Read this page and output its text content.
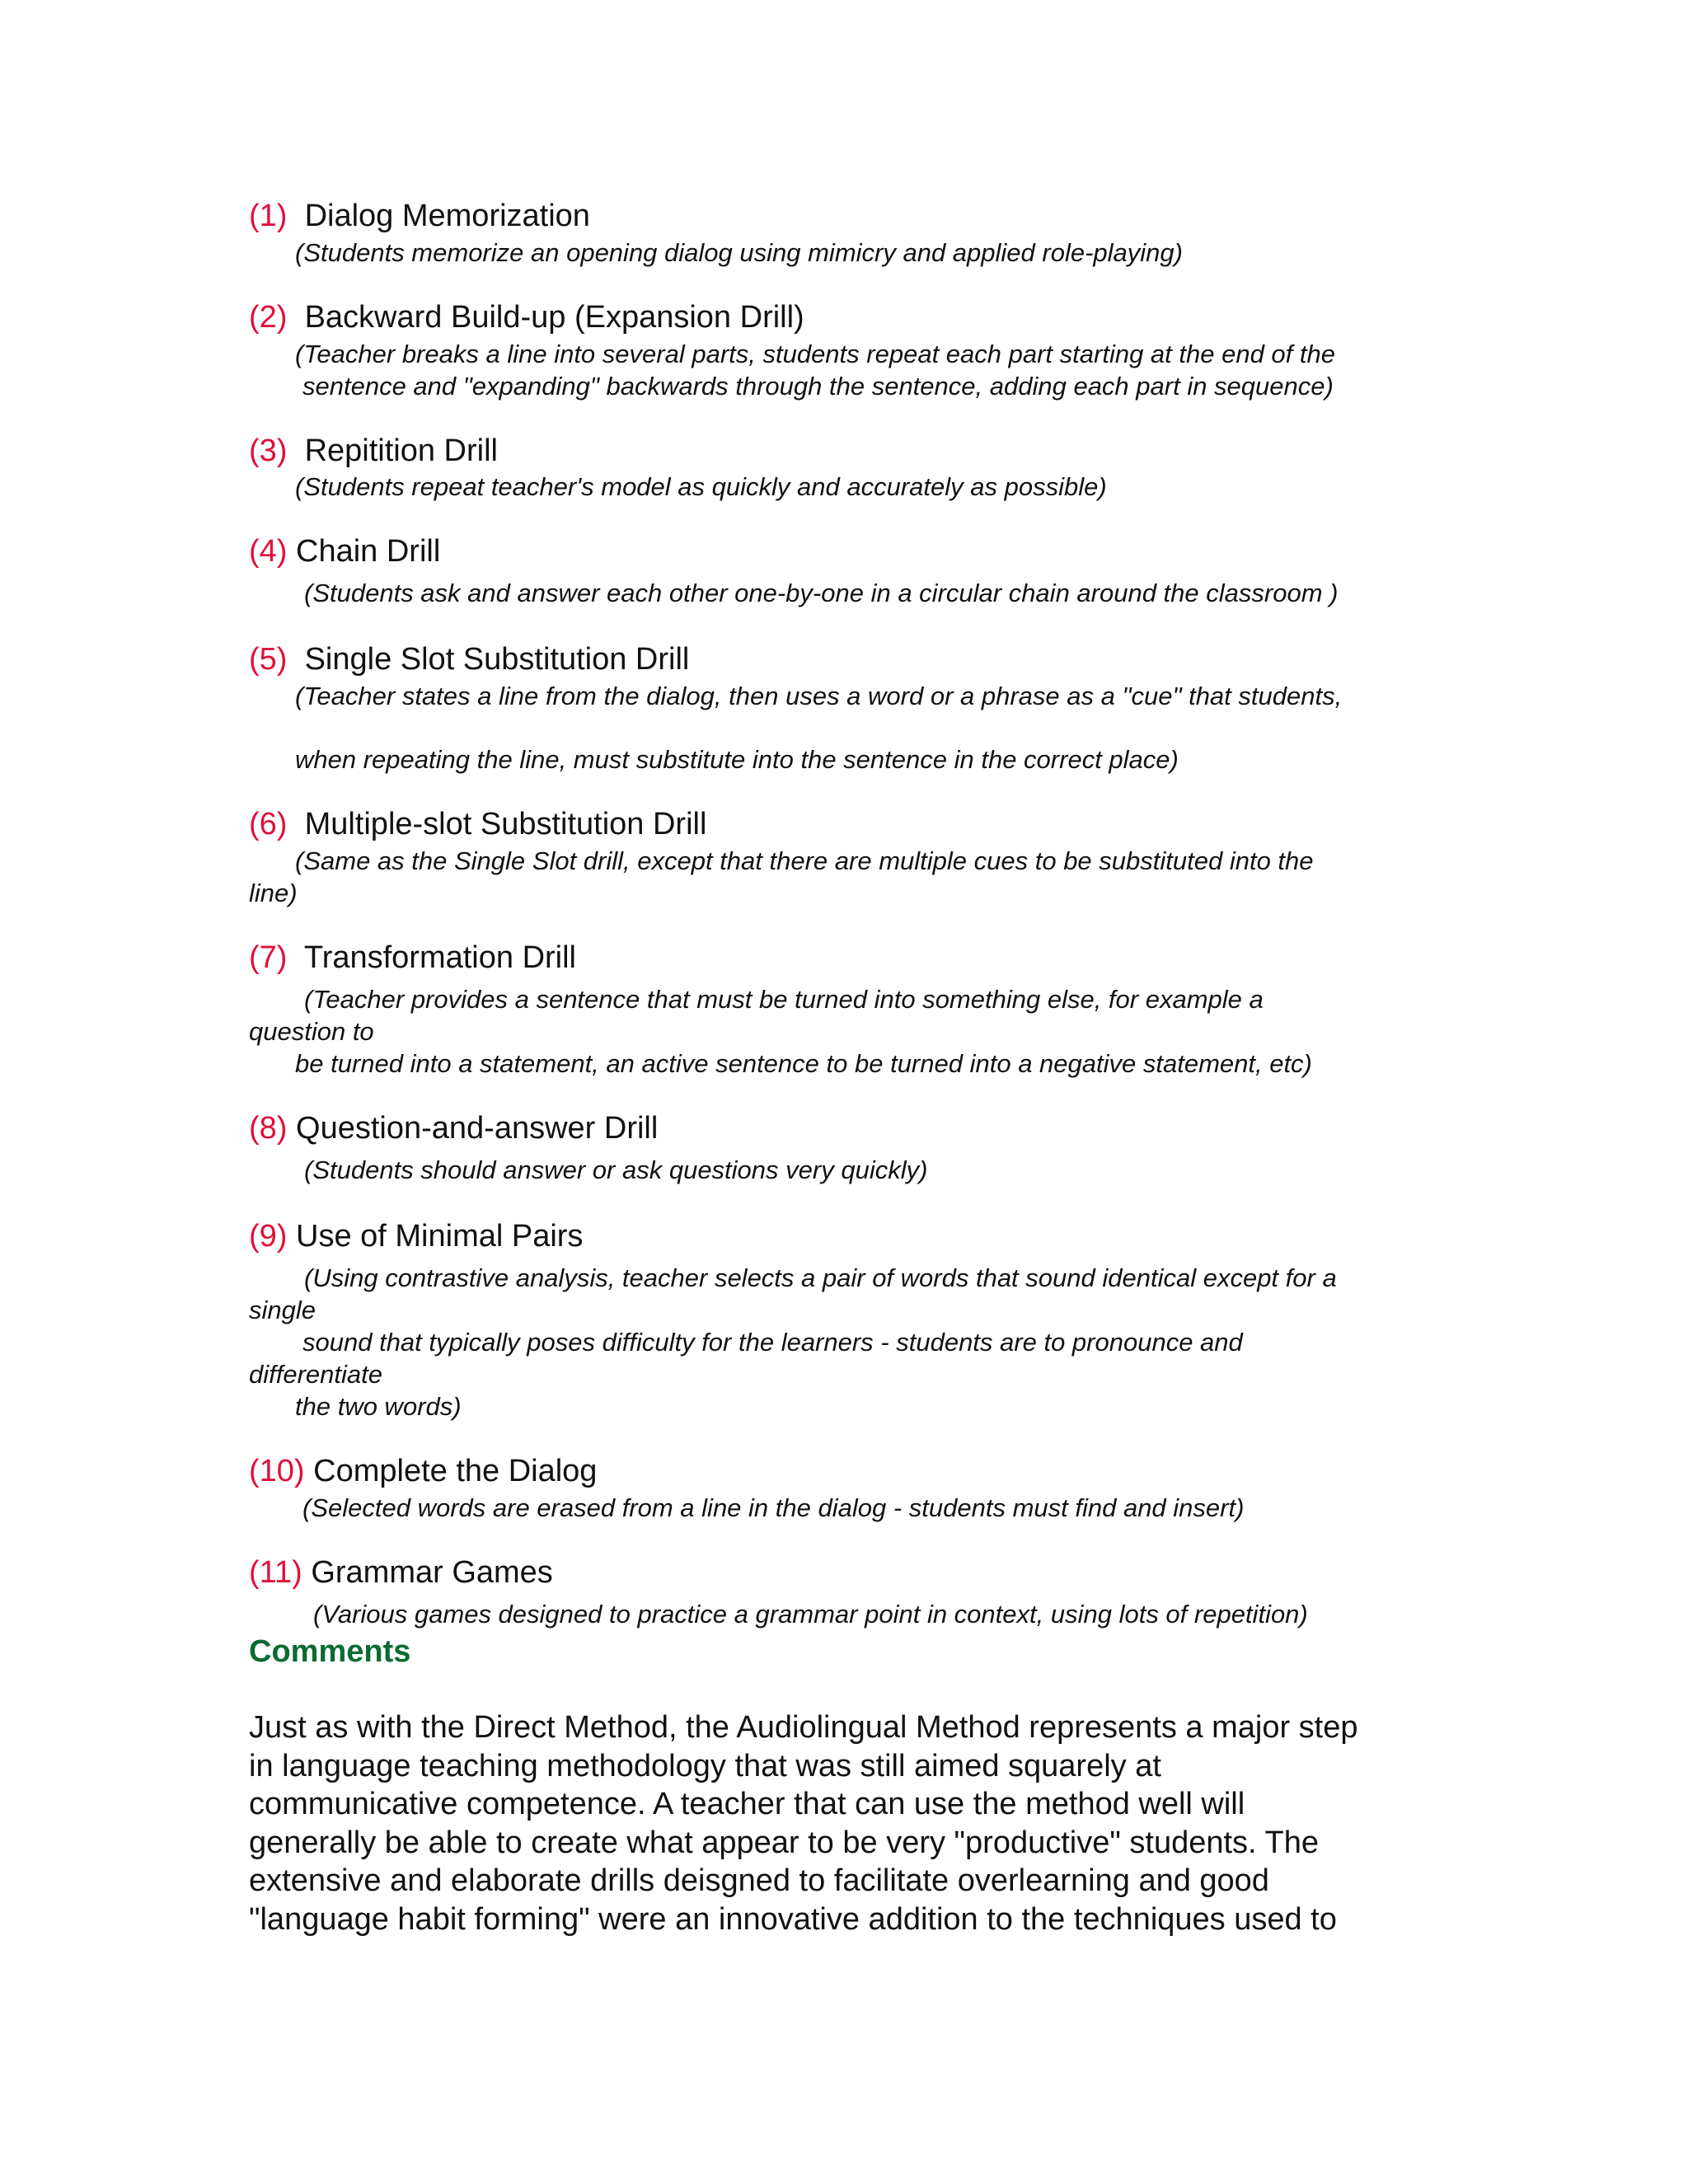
(1) Dialog Memorization
(Students memorize an opening dialog using mimicry and applied role-playing)
(2) Backward Build-up (Expansion Drill)
(Teacher breaks a line into several parts, students repeat each part starting at the end of the
sentence and "expanding" backwards through the sentence, adding each part in sequence)
(3) Repitition Drill
(Students repeat teacher's model as quickly and accurately as possible)
(4) Chain Drill
(Students ask and answer each other one-by-one in a circular chain around the classroom )
(5) Single Slot Substitution Drill
(Teacher states a line from the dialog, then uses a word or a phrase as a "cue" that students,
when repeating the line, must substitute into the sentence in the correct place)
(6) Multiple-slot Substitution Drill
(Same as the Single Slot drill, except that there are multiple cues to be substituted into the
line)
(7) Transformation Drill
(Teacher provides a sentence that must be turned into something else, for example a
question to
be turned into a statement, an active sentence to be turned into a negative statement, etc)
(8) Question-and-answer Drill
(Students should answer or ask questions very quickly)
(9) Use of Minimal Pairs
(Using contrastive analysis, teacher selects a pair of words that sound identical except for a
single
sound that typically poses difficulty for the learners - students are to pronounce and
differentiate
the two words)
(10) Complete the Dialog
(Selected words are erased from a line in the dialog - students must find and insert)
(11) Grammar Games
(Various games designed to practice a grammar point in context, using lots of repetition)
Comments
Just as with the Direct Method, the Audiolingual Method represents a major step
in language teaching methodology that was still aimed squarely at
communicative competence. A teacher that can use the method well will
generally be able to create what appear to be very "productive" students. The
extensive and elaborate drills deisgned to facilitate overlearning and good
"language habit forming" were an innovative addition to the techniques used to
